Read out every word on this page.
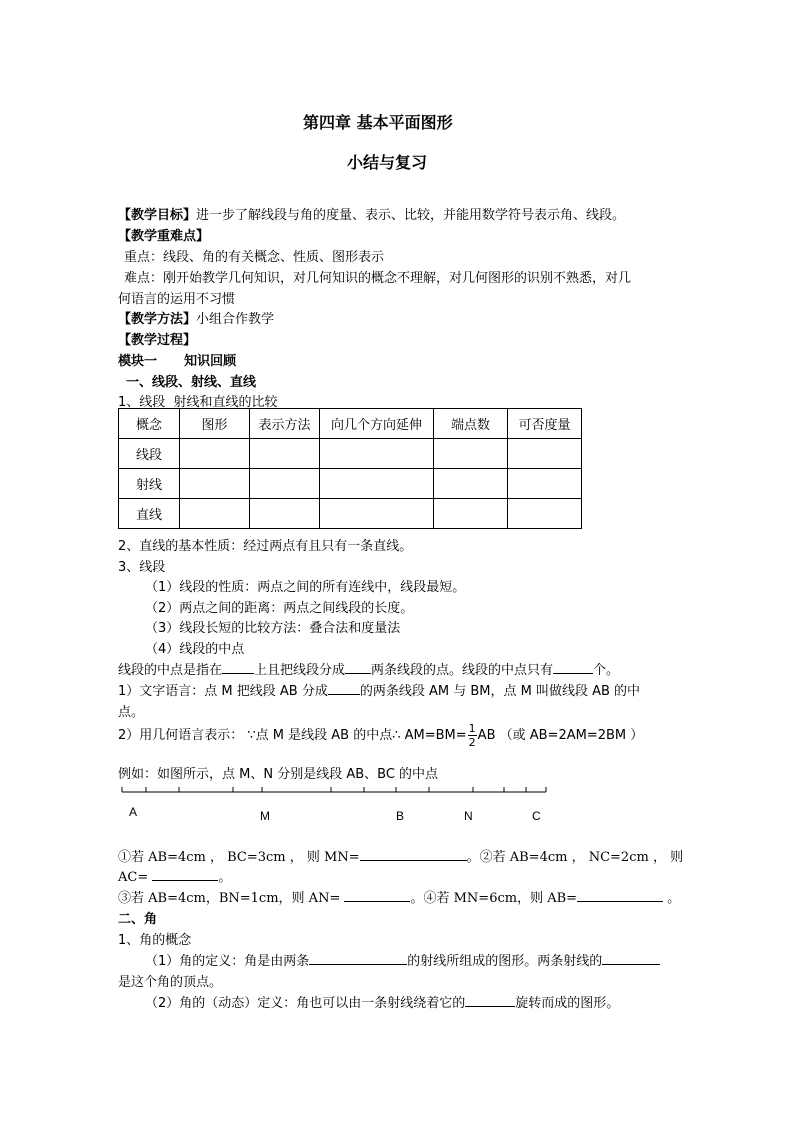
第四章 基本平面图形
小结与复习
【教学目标】进一步了解线段与角的度量、表示、比较，并能用数学符号表示角、线段。
【教学重难点】
重点：线段、角的有关概念、性质、图形表示
难点：刚开始教学几何知识，对几何知识的概念不理解，对几何图形的识别不熟悉，对几
何语言的运用不习惯
【教学方法】小组合作教学
【教学过程】
模块一      知识回顾
一、线段、射线、直线
1、线段  射线和直线的比较
概念	图形	表示方法	向几个方向延伸	端点数	可否度量
线段					
射线					
直线					
2、直线的基本性质：经过两点有且只有一条直线。
3、线段
（1）线段的性质：两点之间的所有连线中，线段最短。
（2）两点之间的距离：两点之间线段的长度。
（3）线段长短的比较方法：叠合法和度量法
（4）线段的中点
线段的中点是指在 上且把线段分成 两条线段的点。线段的中点只有	个。
1）文字语言：点 M 把线段 AB 分成 的两条线段 AM 与 BM，点 M 叫做线段 AB 的中
点。
2）用几何语言表示： ∵点 M 是线段 AB 的中点∴ $AM=BM= \frac{1}{2}$ AB （或 AB=2AM=2BM ）
例如：如图所示，点 M、N 分别是线段 AB、BC 的中点
A	M	B	N	C
①若 AB=4cm ， BC=3cm ， 则 MN=	。②若 AB=4cm ， NC=2cm ， 则
AC=	。
③若 AB=4cm，BN=1cm，则 AN=	。④若 MN=6cm，则 AB=	。
二、角
1、角的概念
（1）角的定义：角是由两条	的射线所组成的图形。两条射线的
是这个角的顶点。
（2）角的（动态）定义：角也可以由一条射线绕着它的	旋转而成的图形。
